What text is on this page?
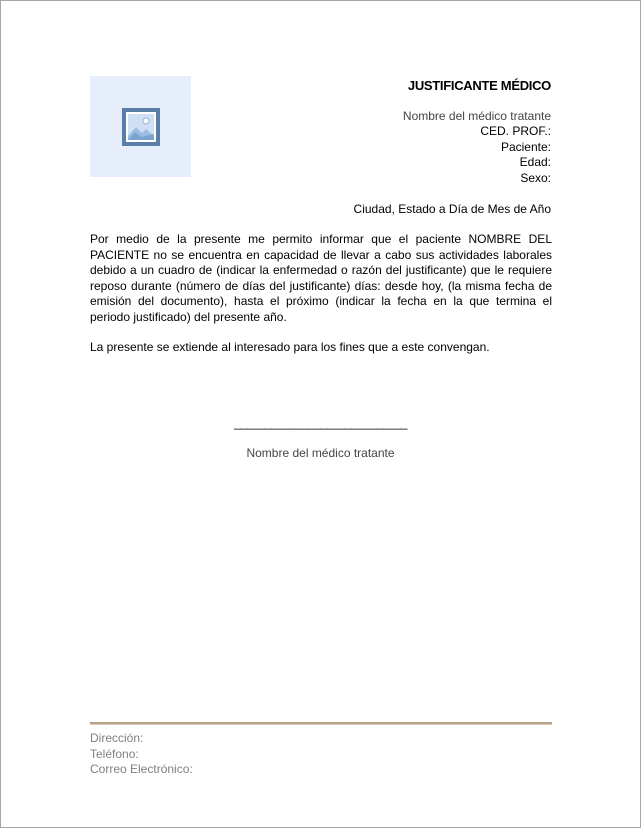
JUSTIFICANTE MÉDICO
Nombre del médico tratante
CED. PROF.:
Paciente:
Edad:
Sexo:
Ciudad, Estado a Día de Mes de Año
Por medio de la presente me permito informar que el paciente NOMBRE DEL PACIENTE no se encuentra en capacidad de llevar a cabo sus actividades laborales debido a un cuadro de (indicar la enfermedad o razón del justificante) que le requiere reposo durante (número de días del justificante) días: desde hoy, (la misma fecha de emisión del documento), hasta el próximo (indicar la fecha en la que termina el periodo justificado) del presente año.
La presente se extiende al interesado para los fines que a este convengan.
____________________________
Nombre del médico tratante
Dirección:
Teléfono:
Correo Electrónico:
